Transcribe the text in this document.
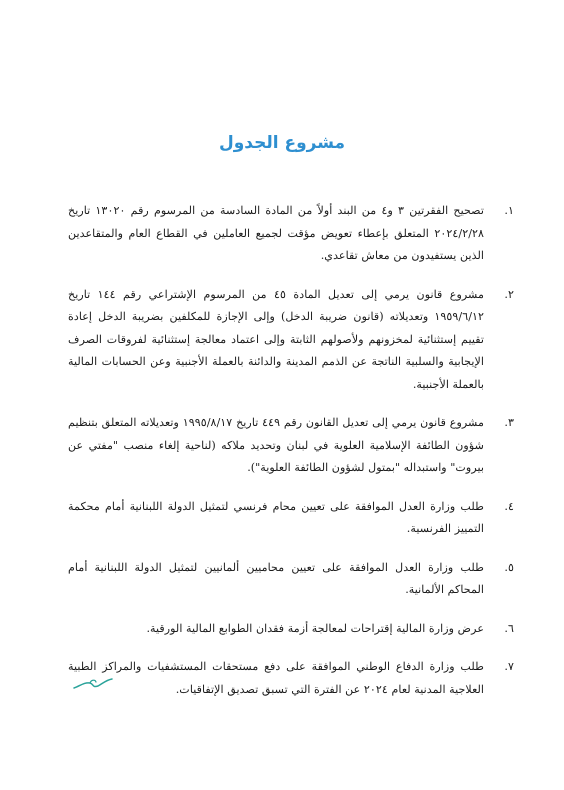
مشروع الجدول
١.
تصحيح الفقرتين ٣ و٤ من البند أولاً من المادة السادسة من المرسوم رقم ١٣٠٢٠ تاريخ ٢٠٢٤/٢/٢٨ المتعلق بإعطاء تعويض مؤقت لجميع العاملين في القطاع العام والمتقاعدين الذين يستفيدون من معاش تقاعدي.
٢.
مشروع قانون يرمي إلى تعديل المادة ٤٥ من المرسوم الإشتراعي رقم ١٤٤ تاريخ ١٩٥٩/٦/١٢ وتعديلاته (قانون ضريبة الدخل) وإلى الإجازة للمكلفين بضريبة الدخل إعادة تقييم إستثنائية لمخزونهم ولأصولهم الثابتة وإلى اعتماد معالجة إستثنائية لفروقات الصرف الإيجابية والسلبية الناتجة عن الذمم المدينة والدائنة بالعملة الأجنبية وعن الحسابات المالية بالعملة الأجنبية.
٣.
مشروع قانون يرمي إلى تعديل القانون رقم ٤٤٩ تاريخ ١٩٩٥/٨/١٧ وتعديلاته المتعلق بتنظيم شؤون الطائفة الإسلامية العلوية في لبنان وتحديد ملاكه (لناحية إلغاء منصب "مفتي عن بيروت" واستبداله "بمتول لشؤون الطائفة العلوية").
٤.
طلب وزارة العدل الموافقة على تعيين محام فرنسي لتمثيل الدولة اللبنانية أمام محكمة التمييز الفرنسية.
٥.
طلب وزارة العدل الموافقة على تعيين محاميين ألمانيين لتمثيل الدولة اللبنانية أمام المحاكم الألمانية.
٦.
عرض وزارة المالية إقتراحات لمعالجة أزمة فقدان الطوابع المالية الورقية.
٧.
طلب وزارة الدفاع الوطني الموافقة على دفع مستحقات المستشفيات والمراكز الطبية العلاجية المدنية لعام ٢٠٢٤ عن الفترة التي تسبق تصديق الإتفاقيات.
